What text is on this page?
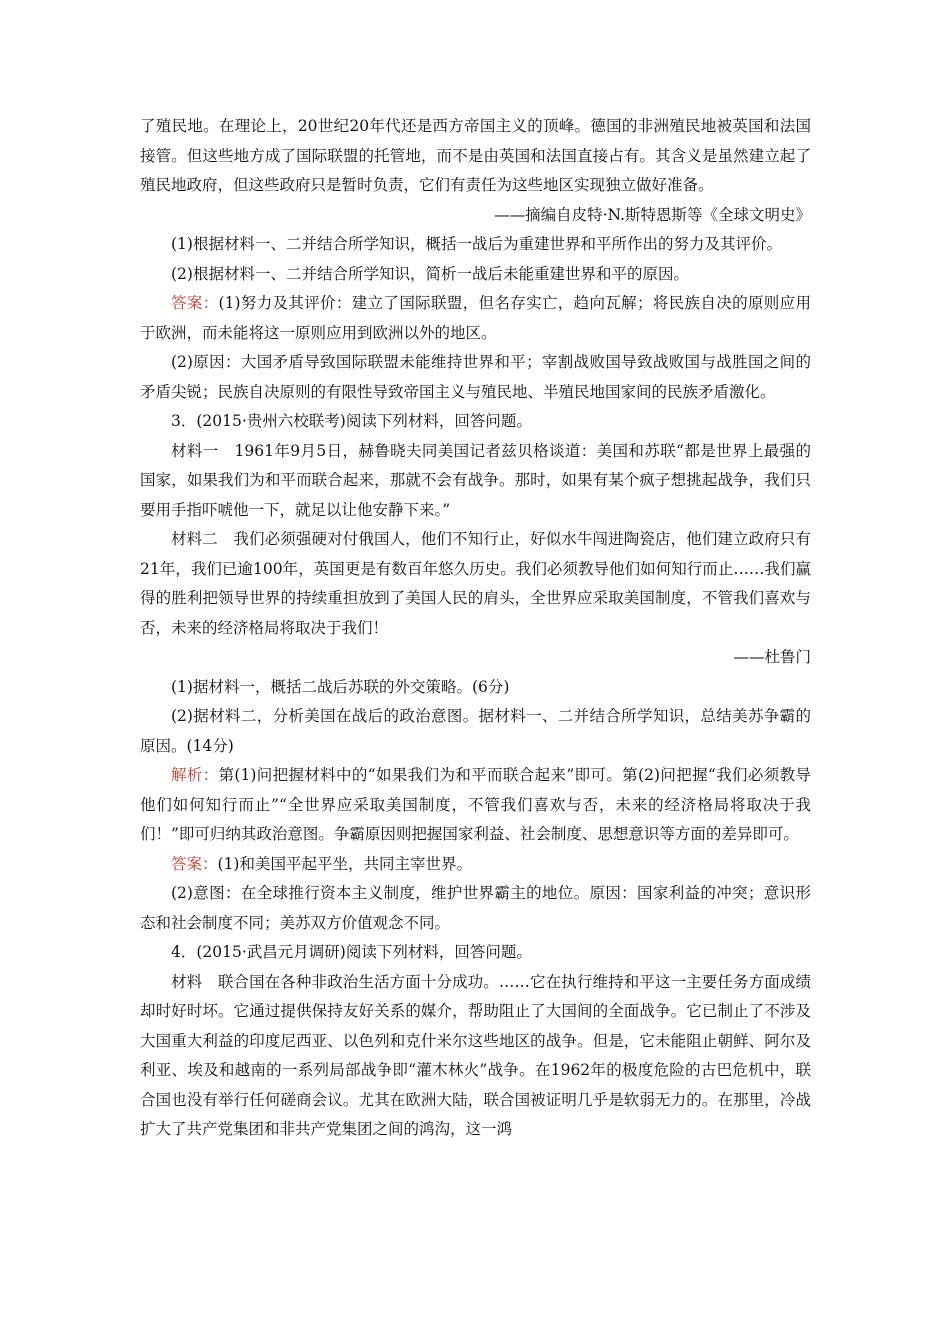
了殖民地。在理论上，20世纪20年代还是西方帝国主义的顶峰。德国的非洲殖民地被英国和法国接管。但这些地方成了国际联盟的托管地，而不是由英国和法国直接占有。其含义是虽然建立起了殖民地政府，但这些政府只是暂时负责，它们有责任为这些地区实现独立做好准备。

——摘编自皮特·N.斯特恩斯等《全球文明史》

(1)根据材料一、二并结合所学知识，概括一战后为重建世界和平所作出的努力及其评价。

(2)根据材料一、二并结合所学知识，简析一战后未能重建世界和平的原因。

答案：(1)努力及其评价：建立了国际联盟，但名存实亡，趋向瓦解；将民族自决的原则应用于欧洲，而未能将这一原则应用到欧洲以外的地区。

(2)原因：大国矛盾导致国际联盟未能维持世界和平；宰割战败国导致战败国与战胜国之间的矛盾尖锐；民族自决原则的有限性导致帝国主义与殖民地、半殖民地国家间的民族矛盾激化。

3．(2015·贵州六校联考)阅读下列材料，回答问题。

材料一　1961年9月5日，赫鲁晓夫同美国记者兹贝格谈道：美国和苏联“都是世界上最强的国家，如果我们为和平而联合起来，那就不会有战争。那时，如果有某个疯子想挑起战争，我们只要用手指吓唬他一下，就足以让他安静下来。”

材料二　我们必须强硬对付俄国人，他们不知行止，好似水牛闯进陶瓷店，他们建立政府只有21年，我们已逾100年，英国更是有数百年悠久历史。我们必须教导他们如何知行而止……我们赢得的胜利把领导世界的持续重担放到了美国人民的肩头，全世界应采取美国制度，不管我们喜欢与否，未来的经济格局将取决于我们！

——杜鲁门

(1)据材料一，概括二战后苏联的外交策略。(6分)

(2)据材料二，分析美国在战后的政治意图。据材料一、二并结合所学知识，总结美苏争霸的原因。(14分)

解析：第(1)问把握材料中的“如果我们为和平而联合起来”即可。第(2)问把握“我们必须教导他们如何知行而止”“全世界应采取美国制度，不管我们喜欢与否，未来的经济格局将取决于我们！”即可归纳其政治意图。争霸原因则把握国家利益、社会制度、思想意识等方面的差异即可。

答案：(1)和美国平起平坐，共同主宰世界。

(2)意图：在全球推行资本主义制度，维护世界霸主的地位。原因：国家利益的冲突；意识形态和社会制度不同；美苏双方价值观念不同。

4．(2015·武昌元月调研)阅读下列材料，回答问题。

材料　联合国在各种非政治生活方面十分成功。……它在执行维持和平这一主要任务方面成绩却时好时坏。它通过提供保持友好关系的媒介，帮助阻止了大国间的全面战争。它已制止了不涉及大国重大利益的印度尼西亚、以色列和克什米尔这些地区的战争。但是，它未能阻止朝鲜、阿尔及利亚、埃及和越南的一系列局部战争即“灌木林火”战争。在1962年的极度危险的古巴危机中，联合国也没有举行任何磋商会议。尤其在欧洲大陆，联合国被证明几乎是软弱无力的。在那里，冷战扩大了共产党集团和非共产党集团之间的鸿沟，这一鸿
